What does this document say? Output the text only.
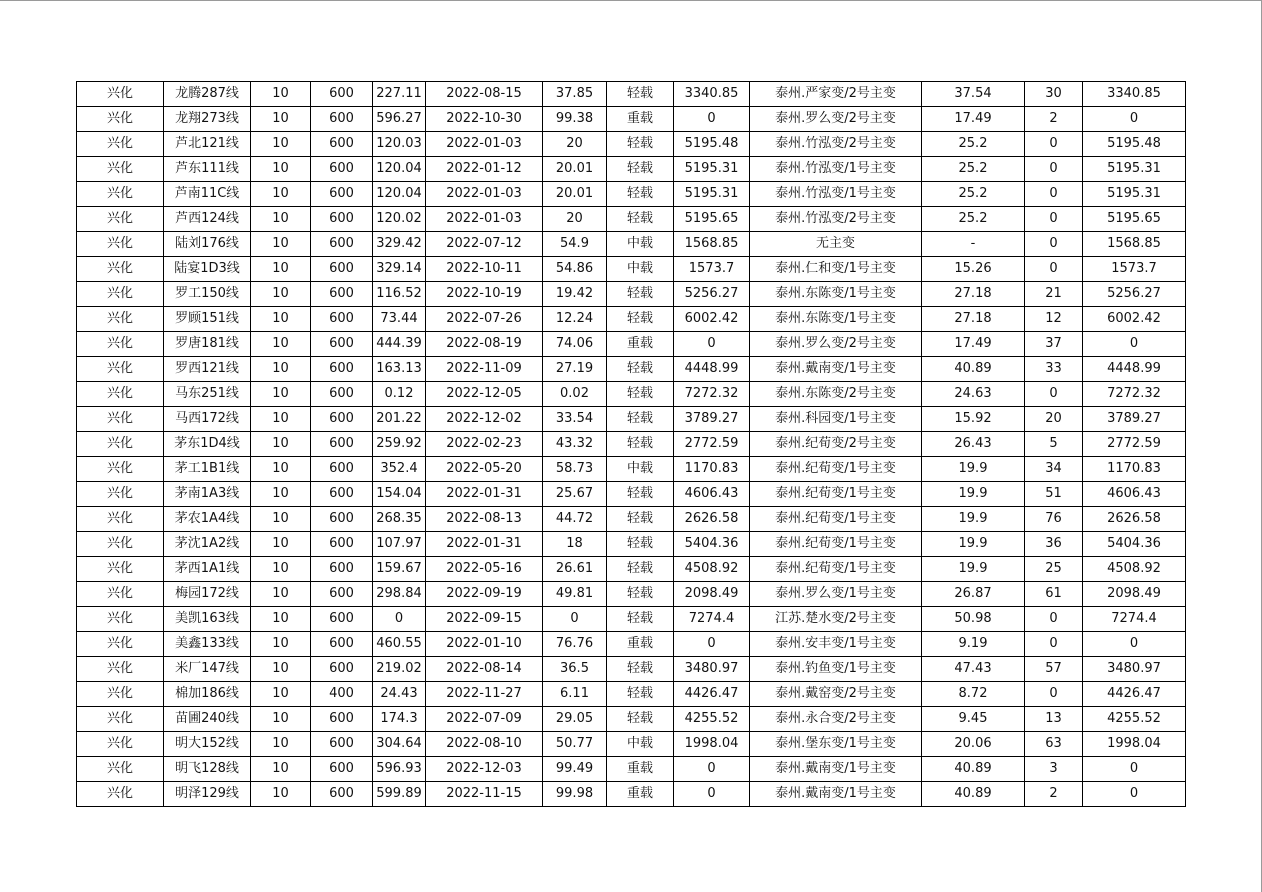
兴化	龙腾287线	10	600	227.11	2022-08-15	37.85	轻载	3340.85	泰州.严家变/2号主变	37.54	30	3340.85
兴化	龙翔273线	10	600	596.27	2022-10-30	99.38	重载	0	泰州.罗么变/2号主变	17.49	2	0
兴化	芦北121线	10	600	120.03	2022-01-03	20	轻载	5195.48	泰州.竹泓变/2号主变	25.2	0	5195.48
兴化	芦东111线	10	600	120.04	2022-01-12	20.01	轻载	5195.31	泰州.竹泓变/1号主变	25.2	0	5195.31
兴化	芦南11C线	10	600	120.04	2022-01-03	20.01	轻载	5195.31	泰州.竹泓变/1号主变	25.2	0	5195.31
兴化	芦西124线	10	600	120.02	2022-01-03	20	轻载	5195.65	泰州.竹泓变/2号主变	25.2	0	5195.65
兴化	陆刘176线	10	600	329.42	2022-07-12	54.9	中载	1568.85	无主变	-	0	1568.85
兴化	陆宴1D3线	10	600	329.14	2022-10-11	54.86	中载	1573.7	泰州.仁和变/1号主变	15.26	0	1573.7
兴化	罗工150线	10	600	116.52	2022-10-19	19.42	轻载	5256.27	泰州.东陈变/1号主变	27.18	21	5256.27
兴化	罗顾151线	10	600	73.44	2022-07-26	12.24	轻载	6002.42	泰州.东陈变/1号主变	27.18	12	6002.42
兴化	罗唐181线	10	600	444.39	2022-08-19	74.06	重载	0	泰州.罗么变/2号主变	17.49	37	0
兴化	罗西121线	10	600	163.13	2022-11-09	27.19	轻载	4448.99	泰州.戴南变/1号主变	40.89	33	4448.99
兴化	马东251线	10	600	0.12	2022-12-05	0.02	轻载	7272.32	泰州.东陈变/2号主变	24.63	0	7272.32
兴化	马西172线	10	600	201.22	2022-12-02	33.54	轻载	3789.27	泰州.科园变/1号主变	15.92	20	3789.27
兴化	茅东1D4线	10	600	259.92	2022-02-23	43.32	轻载	2772.59	泰州.纪荀变/2号主变	26.43	5	2772.59
兴化	茅工1B1线	10	600	352.4	2022-05-20	58.73	中载	1170.83	泰州.纪荀变/1号主变	19.9	34	1170.83
兴化	茅南1A3线	10	600	154.04	2022-01-31	25.67	轻载	4606.43	泰州.纪荀变/1号主变	19.9	51	4606.43
兴化	茅农1A4线	10	600	268.35	2022-08-13	44.72	轻载	2626.58	泰州.纪荀变/1号主变	19.9	76	2626.58
兴化	茅沈1A2线	10	600	107.97	2022-01-31	18	轻载	5404.36	泰州.纪荀变/1号主变	19.9	36	5404.36
兴化	茅西1A1线	10	600	159.67	2022-05-16	26.61	轻载	4508.92	泰州.纪荀变/1号主变	19.9	25	4508.92
兴化	梅园172线	10	600	298.84	2022-09-19	49.81	轻载	2098.49	泰州.罗么变/1号主变	26.87	61	2098.49
兴化	美凯163线	10	600	0	2022-09-15	0	轻载	7274.4	江苏.楚水变/2号主变	50.98	0	7274.4
兴化	美鑫133线	10	600	460.55	2022-01-10	76.76	重载	0	泰州.安丰变/1号主变	9.19	0	0
兴化	米厂147线	10	600	219.02	2022-08-14	36.5	轻载	3480.97	泰州.钓鱼变/1号主变	47.43	57	3480.97
兴化	棉加186线	10	400	24.43	2022-11-27	6.11	轻载	4426.47	泰州.戴窑变/2号主变	8.72	0	4426.47
兴化	苗圃240线	10	600	174.3	2022-07-09	29.05	轻载	4255.52	泰州.永合变/2号主变	9.45	13	4255.52
兴化	明大152线	10	600	304.64	2022-08-10	50.77	中载	1998.04	泰州.堡东变/1号主变	20.06	63	1998.04
兴化	明飞128线	10	600	596.93	2022-12-03	99.49	重载	0	泰州.戴南变/1号主变	40.89	3	0
兴化	明泽129线	10	600	599.89	2022-11-15	99.98	重载	0	泰州.戴南变/1号主变	40.89	2	0
